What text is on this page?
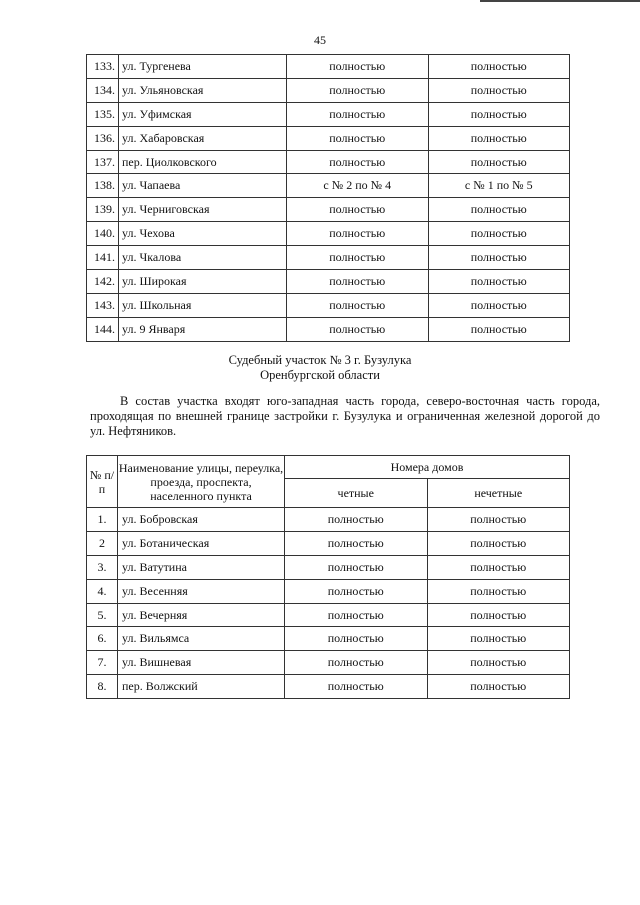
45
133.	ул. Тургенева	полностью	полностью
134.	ул. Ульяновская	полностью	полностью
135.	ул. Уфимская	полностью	полностью
136.	ул. Хабаровская	полностью	полностью
137.	пер. Циолковского	полностью	полностью
138.	ул. Чапаева	с № 2 по № 4	с № 1 по № 5
139.	ул. Черниговская	полностью	полностью
140.	ул. Чехова	полностью	полностью
141.	ул. Чкалова	полностью	полностью
142.	ул. Широкая	полностью	полностью
143.	ул. Школьная	полностью	полностью
144.	ул. 9 Января	полностью	полностью
Судебный участок № 3 г. Бузулука
Оренбургской области
В состав участка входят юго-западная часть города, северо-восточная часть города, проходящая по внешней границе застройки г. Бузулука и ограниченная железной дорогой до ул. Нефтяников.
№ п/п	Наименование улицы, переулка, проезда, проспекта, населенного пункта	Номера домов	
		четные	нечетные
1.	ул. Бобровская	полностью	полностью
2	ул. Ботаническая	полностью	полностью
3.	ул. Ватутина	полностью	полностью
4.	ул. Весенняя	полностью	полностью
5.	ул. Вечерняя	полностью	полностью
6.	ул. Вильямса	полностью	полностью
7.	ул. Вишневая	полностью	полностью
8.	пер. Волжский	полностью	полностью
